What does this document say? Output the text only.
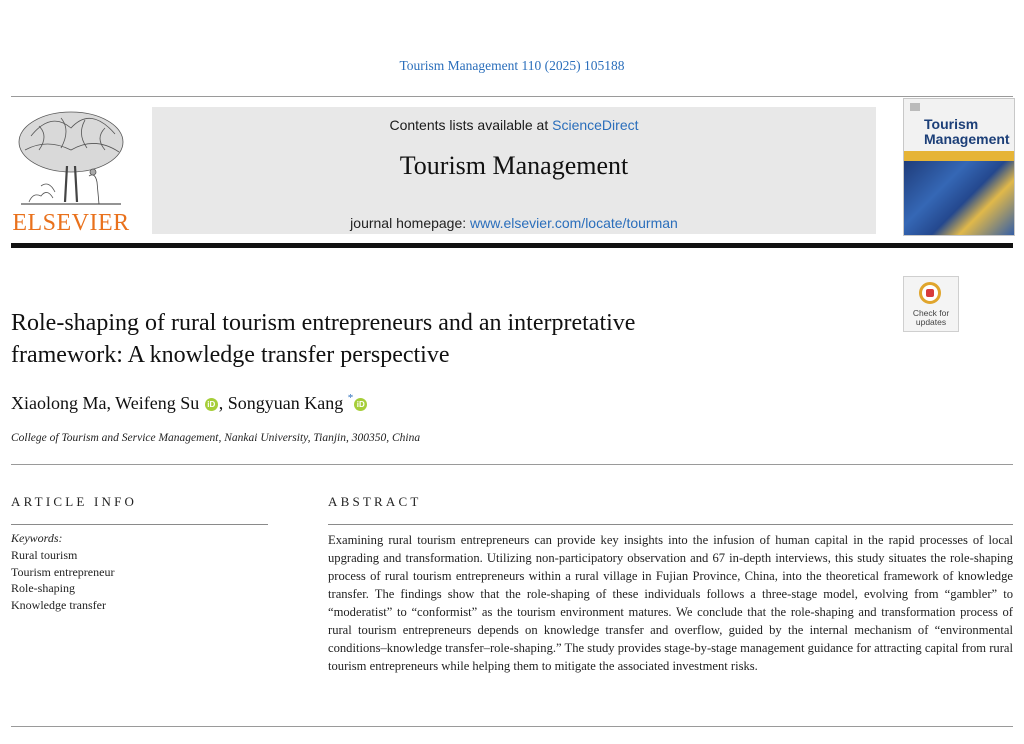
Tourism Management 110 (2025) 105188
ELSEVIER
Contents lists available at ScienceDirect
Tourism Management
journal homepage: www.elsevier.com/locate/tourman
Tourism
Management
Check for
updates
Role-shaping of rural tourism entrepreneurs and an interpretative
framework: A knowledge transfer perspective
Xiaolong Ma, Weifeng Su iD , Songyuan Kang *iD
College of Tourism and Service Management, Nankai University, Tianjin, 300350, China
ARTICLE INFO	ABSTRACT
Keywords:
Rural tourism
Tourism entrepreneur
Role-shaping
Knowledge transfer

Examining rural tourism entrepreneurs can provide key insights into the infusion of human capital in the rapid processes of local upgrading and transformation. Utilizing non-participatory observation and 67 in-depth interviews, this study situates the role-shaping process of rural tourism entrepreneurs within a rural village in Fujian Province, China, into the theoretical framework of knowledge transfer. The findings show that the role-shaping of these individuals follows a three-stage model, evolving from “gambler” to “moderatist” to “conformist” as the tourism environment matures. We conclude that the role-shaping and transformation process of rural tourism entrepreneurs depends on knowledge transfer and overflow, guided by the internal mechanism of “environmental conditions–knowledge transfer–role-shaping.” The study provides stage-by-stage management guidance for attracting capital from rural tourism entrepreneurs while helping them to mitigate the associated investment risks.
